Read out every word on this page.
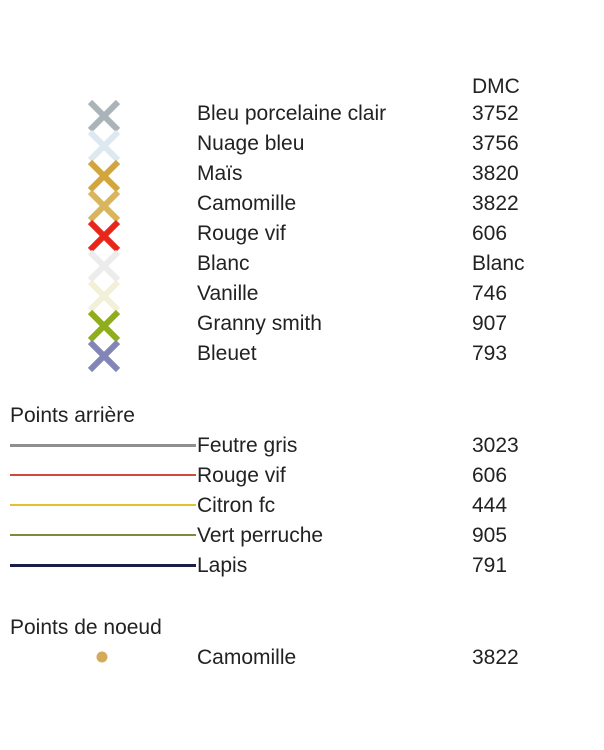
DMC
Bleu porcelaine clair	3752
Nuage bleu	3756
Maïs	3820
Camomille	3822
Rouge vif	606
Blanc	Blanc
Vanille	746
Granny smith	907
Bleuet	793
Points arrière
Feutre gris	3023
Rouge vif	606
Citron fc	444
Vert perruche	905
Lapis	791
Points de noeud
Camomille	3822
